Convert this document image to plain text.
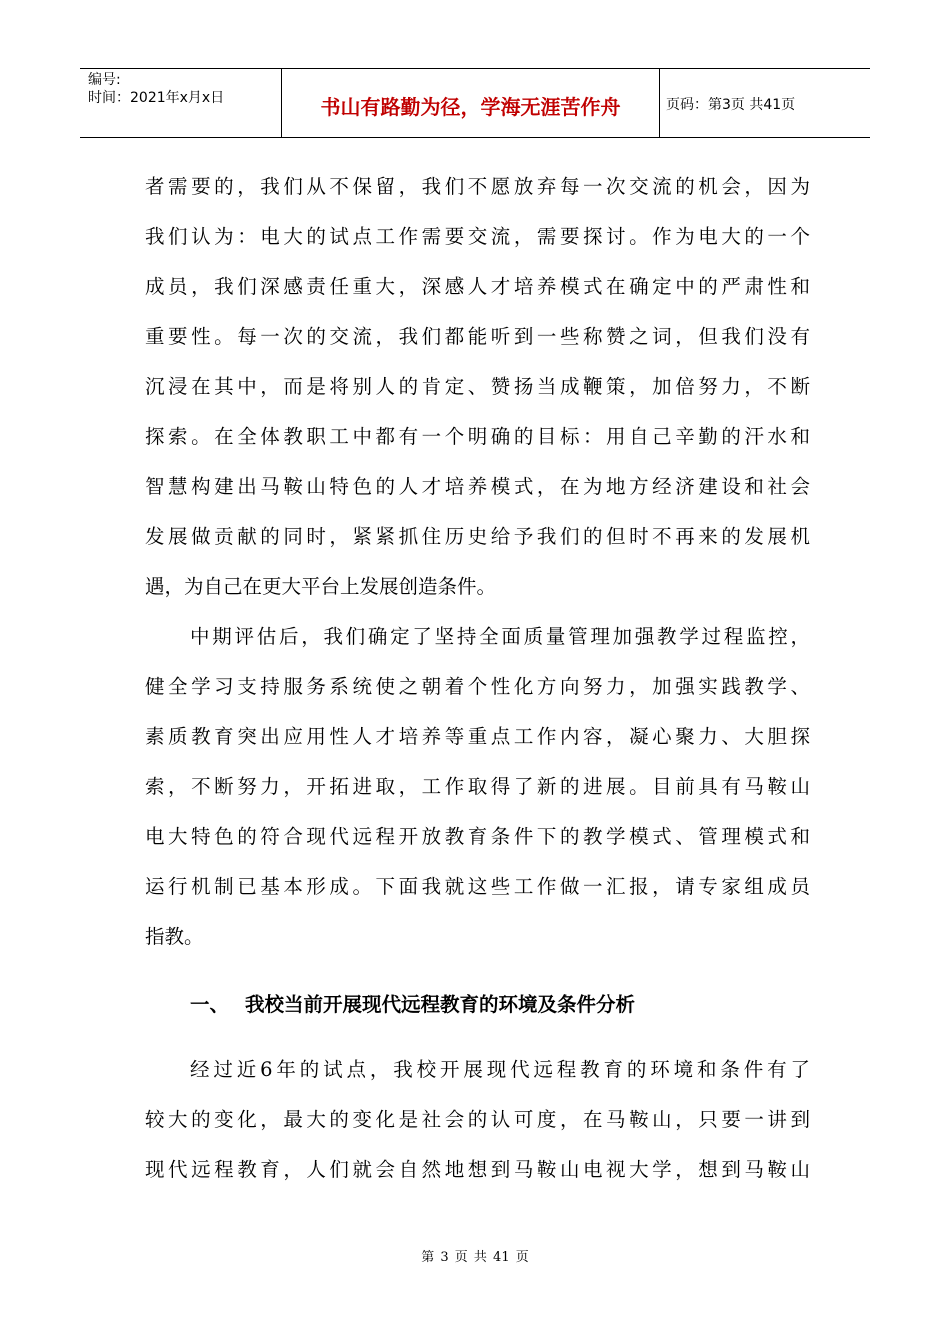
编号:
时间：2021年x月x日	书山有路勤为径，学海无涯苦作舟	页码：第3页 共41页
者需要的，我们从不保留，我们不愿放弃每一次交流的机会，因为
我们认为：电大的试点工作需要交流，需要探讨。作为电大的一个
成员，我们深感责任重大，深感人才培养模式在确定中的严肃性和
重要性。每一次的交流，我们都能听到一些称赞之词，但我们没有
沉浸在其中，而是将别人的肯定、赞扬当成鞭策，加倍努力，不断
探索。在全体教职工中都有一个明确的目标：用自己辛勤的汗水和
智慧构建出马鞍山特色的人才培养模式，在为地方经济建设和社会
发展做贡献的同时，紧紧抓住历史给予我们的但时不再来的发展机
遇，为自己在更大平台上发展创造条件。
中期评估后，我们确定了坚持全面质量管理加强教学过程监控，
健全学习支持服务系统使之朝着个性化方向努力，加强实践教学、
素质教育突出应用性人才培养等重点工作内容，凝心聚力、大胆探
索，不断努力，开拓进取，工作取得了新的进展。目前具有马鞍山
电大特色的符合现代远程开放教育条件下的教学模式、管理模式和
运行机制已基本形成。下面我就这些工作做一汇报，请专家组成员
指教。
一、 我校当前开展现代远程教育的环境及条件分析
经过近6年的试点，我校开展现代远程教育的环境和条件有了
较大的变化，最大的变化是社会的认可度，在马鞍山，只要一讲到
现代远程教育，人们就会自然地想到马鞍山电视大学，想到马鞍山
第 3 页 共 41 页
